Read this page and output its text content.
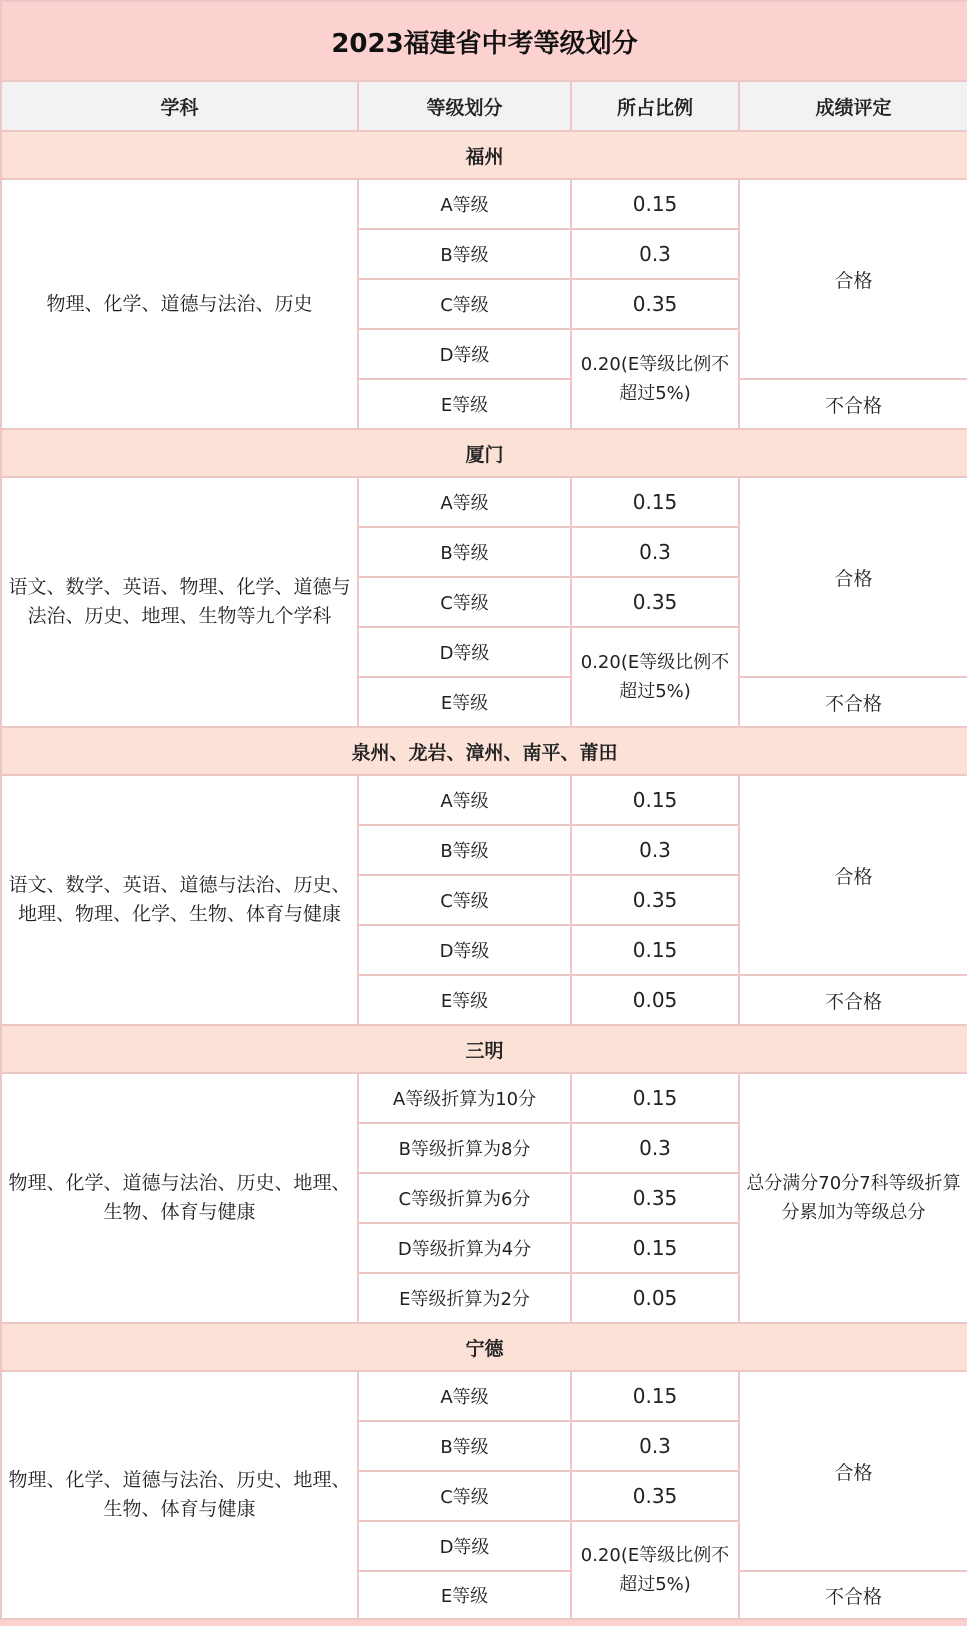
2023福建省中考等级划分			
学科	等级划分	所占比例	成绩评定
福州			
物理、化学、道德与法治、历史	A等级	0.15	合格
	B等级	0.3	
	C等级	0.35	
	D等级	0.20(E等级比例不超过5%)	
	E等级		不合格
厦门			
语文、数学、英语、物理、化学、道德与法治、历史、地理、生物等九个学科	A等级	0.15	合格
	B等级	0.3	
	C等级	0.35	
	D等级	0.20(E等级比例不超过5%)	
	E等级		不合格
泉州、龙岩、漳州、南平、莆田			
语文、数学、英语、道德与法治、历史、地理、物理、化学、生物、体育与健康	A等级	0.15	合格
	B等级	0.3	
	C等级	0.35	
	D等级	0.15	
	E等级	0.05	不合格
三明			
物理、化学、道德与法治、历史、地理、生物、体育与健康	A等级折算为10分	0.15	总分满分70分7科等级折算分累加为等级总分
	B等级折算为8分	0.3	
	C等级折算为6分	0.35	
	D等级折算为4分	0.15	
	E等级折算为2分	0.05	
宁德			
物理、化学、道德与法治、历史、地理、生物、体育与健康	A等级	0.15	合格
	B等级	0.3	
	C等级	0.35	
	D等级	0.20(E等级比例不超过5%)	
	E等级		不合格
